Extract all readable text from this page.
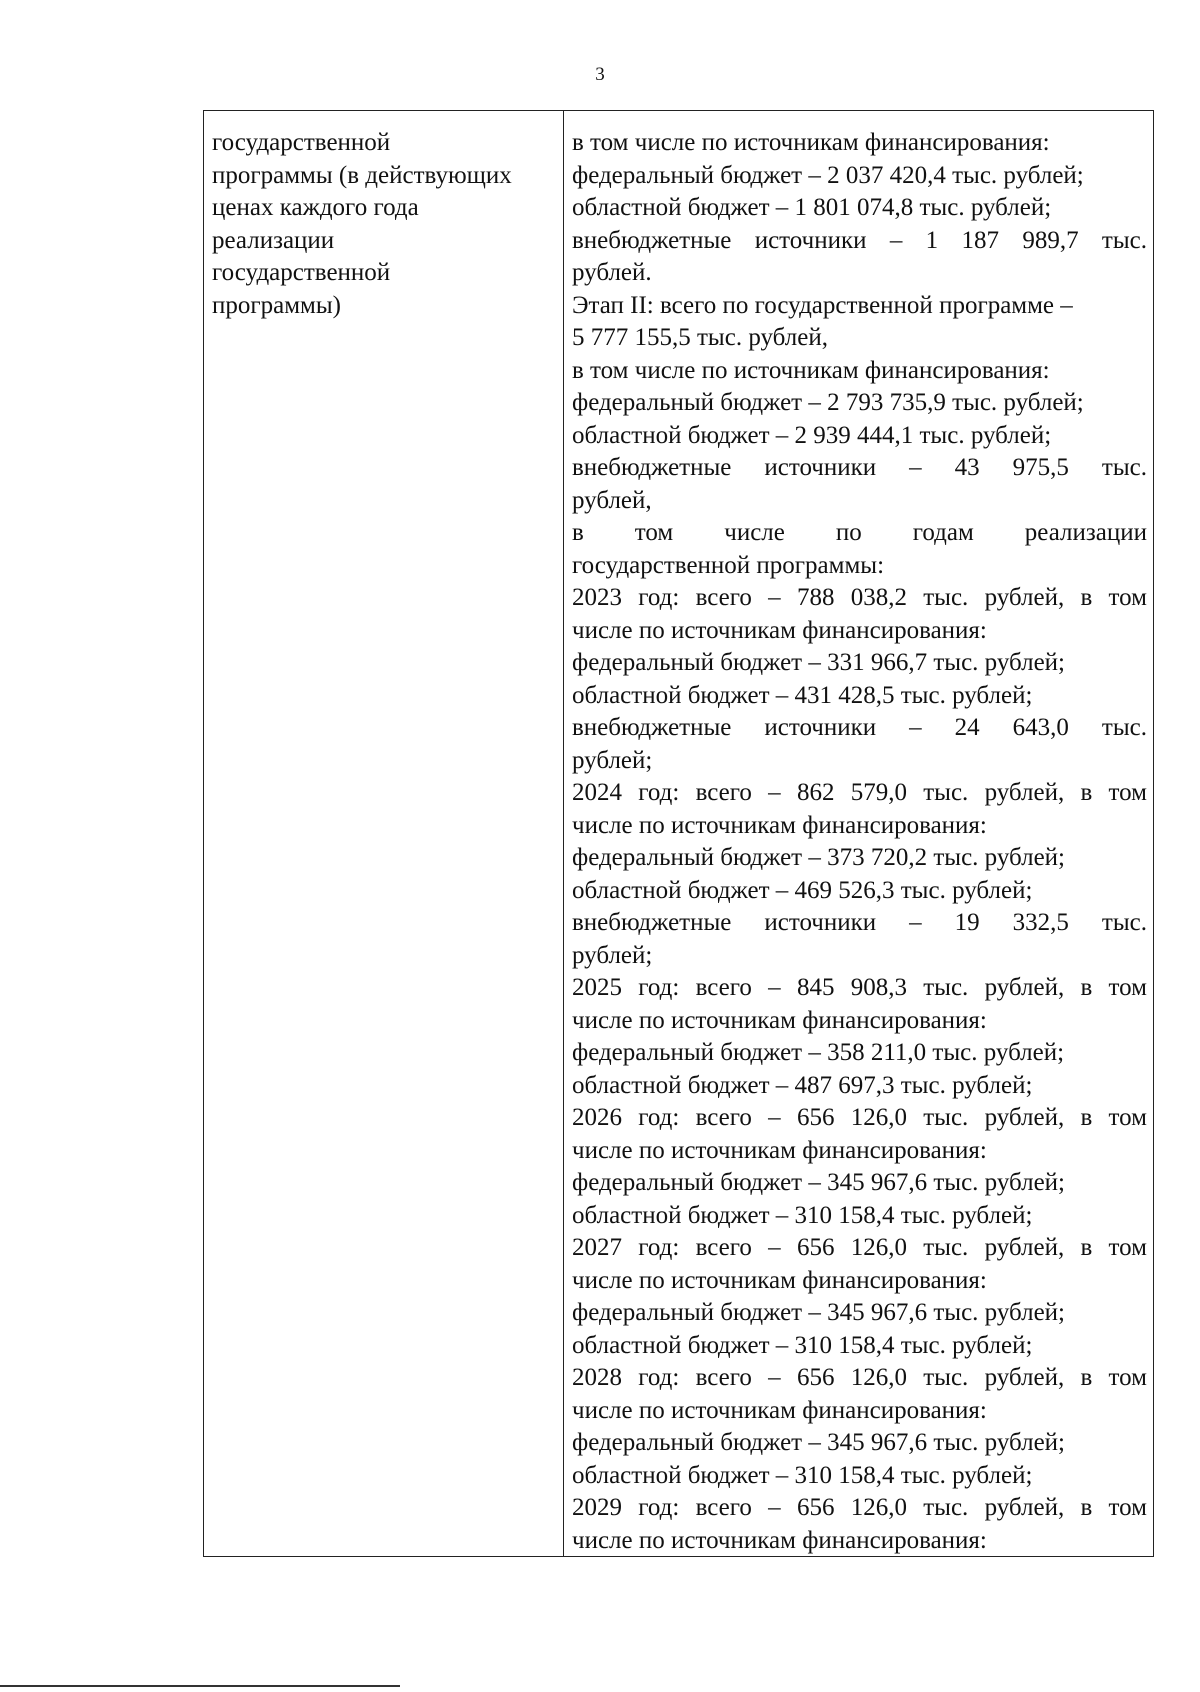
3
государственной
программы (в действующих
ценах каждого года
реализации
государственной
программы)
в том числе по источникам финансирования:
федеральный бюджет – 2 037 420,4 тыс. рублей;
областной бюджет – 1 801 074,8 тыс. рублей;
внебюджетные источники – 1 187 989,7 тыс.
рублей.
Этап II: всего по государственной программе –
5 777 155,5 тыс. рублей,
в том числе по источникам финансирования:
федеральный бюджет – 2 793 735,9 тыс. рублей;
областной бюджет – 2 939 444,1 тыс. рублей;
внебюджетные источники – 43 975,5 тыс.
рублей,
в том числе по годам реализации
государственной программы:
2023 год: всего – 788 038,2 тыс. рублей, в том
числе по источникам финансирования:
федеральный бюджет – 331 966,7 тыс. рублей;
областной бюджет – 431 428,5 тыс. рублей;
внебюджетные источники – 24 643,0 тыс.
рублей;
2024 год: всего – 862 579,0 тыс. рублей, в том
числе по источникам финансирования:
федеральный бюджет – 373 720,2 тыс. рублей;
областной бюджет – 469 526,3 тыс. рублей;
внебюджетные источники – 19 332,5 тыс.
рублей;
2025 год: всего – 845 908,3 тыс. рублей, в том
числе по источникам финансирования:
федеральный бюджет – 358 211,0 тыс. рублей;
областной бюджет – 487 697,3 тыс. рублей;
2026 год: всего – 656 126,0 тыс. рублей, в том
числе по источникам финансирования:
федеральный бюджет – 345 967,6 тыс. рублей;
областной бюджет – 310 158,4 тыс. рублей;
2027 год: всего – 656 126,0 тыс. рублей, в том
числе по источникам финансирования:
федеральный бюджет – 345 967,6 тыс. рублей;
областной бюджет – 310 158,4 тыс. рублей;
2028 год: всего – 656 126,0 тыс. рублей, в том
числе по источникам финансирования:
федеральный бюджет – 345 967,6 тыс. рублей;
областной бюджет – 310 158,4 тыс. рублей;
2029 год: всего – 656 126,0 тыс. рублей, в том
числе по источникам финансирования:
